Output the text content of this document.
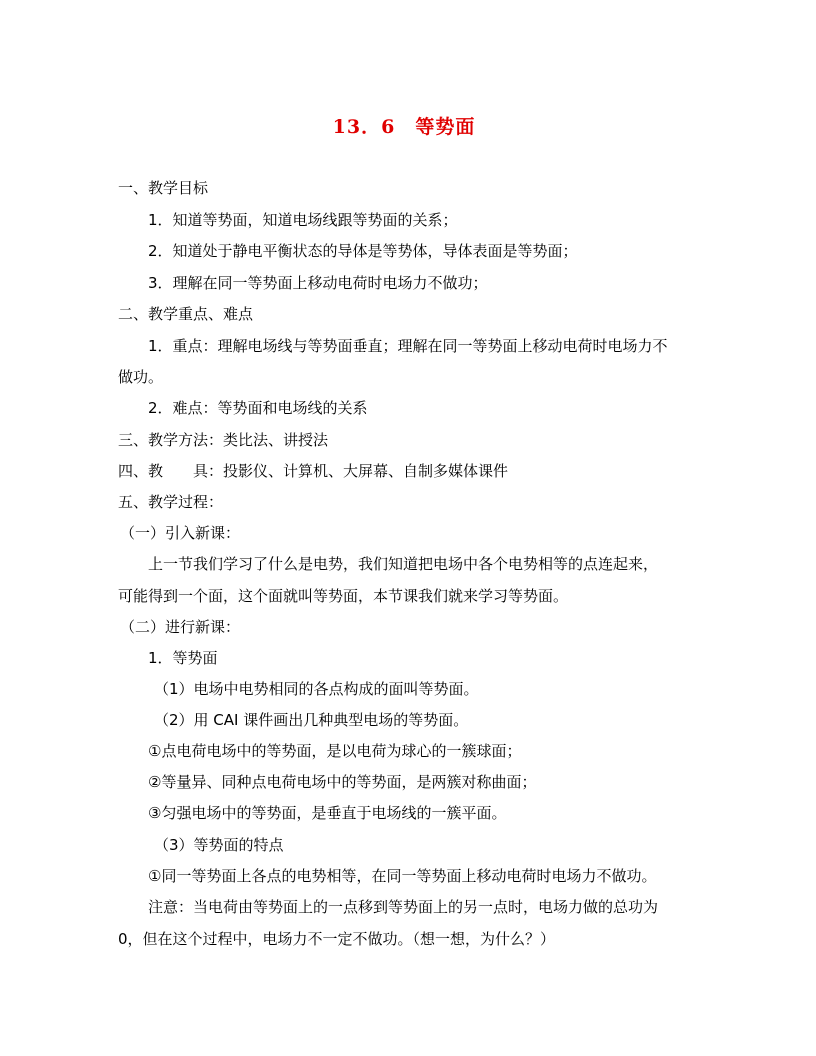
13．6　等势面
一、教学目标
1．知道等势面，知道电场线跟等势面的关系；
2．知道处于静电平衡状态的导体是等势体，导体表面是等势面；
3．理解在同一等势面上移动电荷时电场力不做功；
二、教学重点、难点
1．重点：理解电场线与等势面垂直；理解在同一等势面上移动电荷时电场力不
做功。
2．难点：等势面和电场线的关系
三、教学方法：类比法、讲授法
四、教　　具：投影仪、计算机、大屏幕、自制多媒体课件
五、教学过程：
（一）引入新课：
上一节我们学习了什么是电势，我们知道把电场中各个电势相等的点连起来，
可能得到一个面，这个面就叫等势面，本节课我们就来学习等势面。
（二）进行新课：
1．等势面
（1）电场中电势相同的各点构成的面叫等势面。
（2）用 CAI 课件画出几种典型电场的等势面。
①点电荷电场中的等势面，是以电荷为球心的一簇球面；
②等量异、同种点电荷电场中的等势面，是两簇对称曲面；
③匀强电场中的等势面，是垂直于电场线的一簇平面。
（3）等势面的特点
①同一等势面上各点的电势相等，在同一等势面上移动电荷时电场力不做功。
注意：当电荷由等势面上的一点移到等势面上的另一点时，电场力做的总功为
0，但在这个过程中，电场力不一定不做功。（想一想，为什么？）
